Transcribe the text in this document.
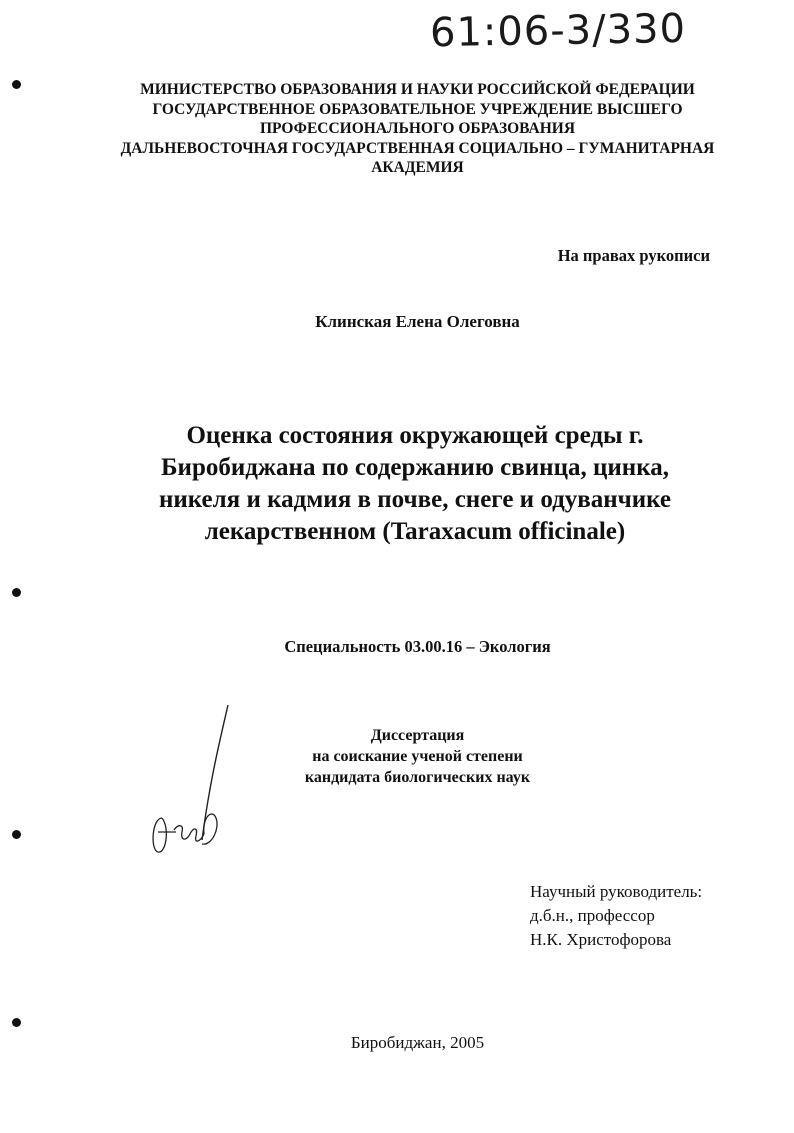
61:06-3/330
МИНИСТЕРСТВО ОБРАЗОВАНИЯ И НАУКИ РОССИЙСКОЙ ФЕДЕРАЦИИ
ГОСУДАРСТВЕННОЕ ОБРАЗОВАТЕЛЬНОЕ УЧРЕЖДЕНИЕ ВЫСШЕГО
ПРОФЕССИОНАЛЬНОГО ОБРАЗОВАНИЯ
ДАЛЬНЕВОСТОЧНАЯ ГОСУДАРСТВЕННАЯ СОЦИАЛЬНО – ГУМАНИТАРНАЯ
АКАДЕМИЯ
На правах рукописи
Клинская Елена Олеговна
Оценка состояния окружающей среды г.
Биробиджана по содержанию свинца, цинка,
никеля и кадмия в почве, снеге и одуванчике
лекарственном (Taraxacum officinale)
Специальность 03.00.16 – Экология
Диссертация
на соискание ученой степени
кандидата биологических наук
Научный руководитель:
д.б.н., профессор
Н.К. Христофорова
Биробиджан, 2005
